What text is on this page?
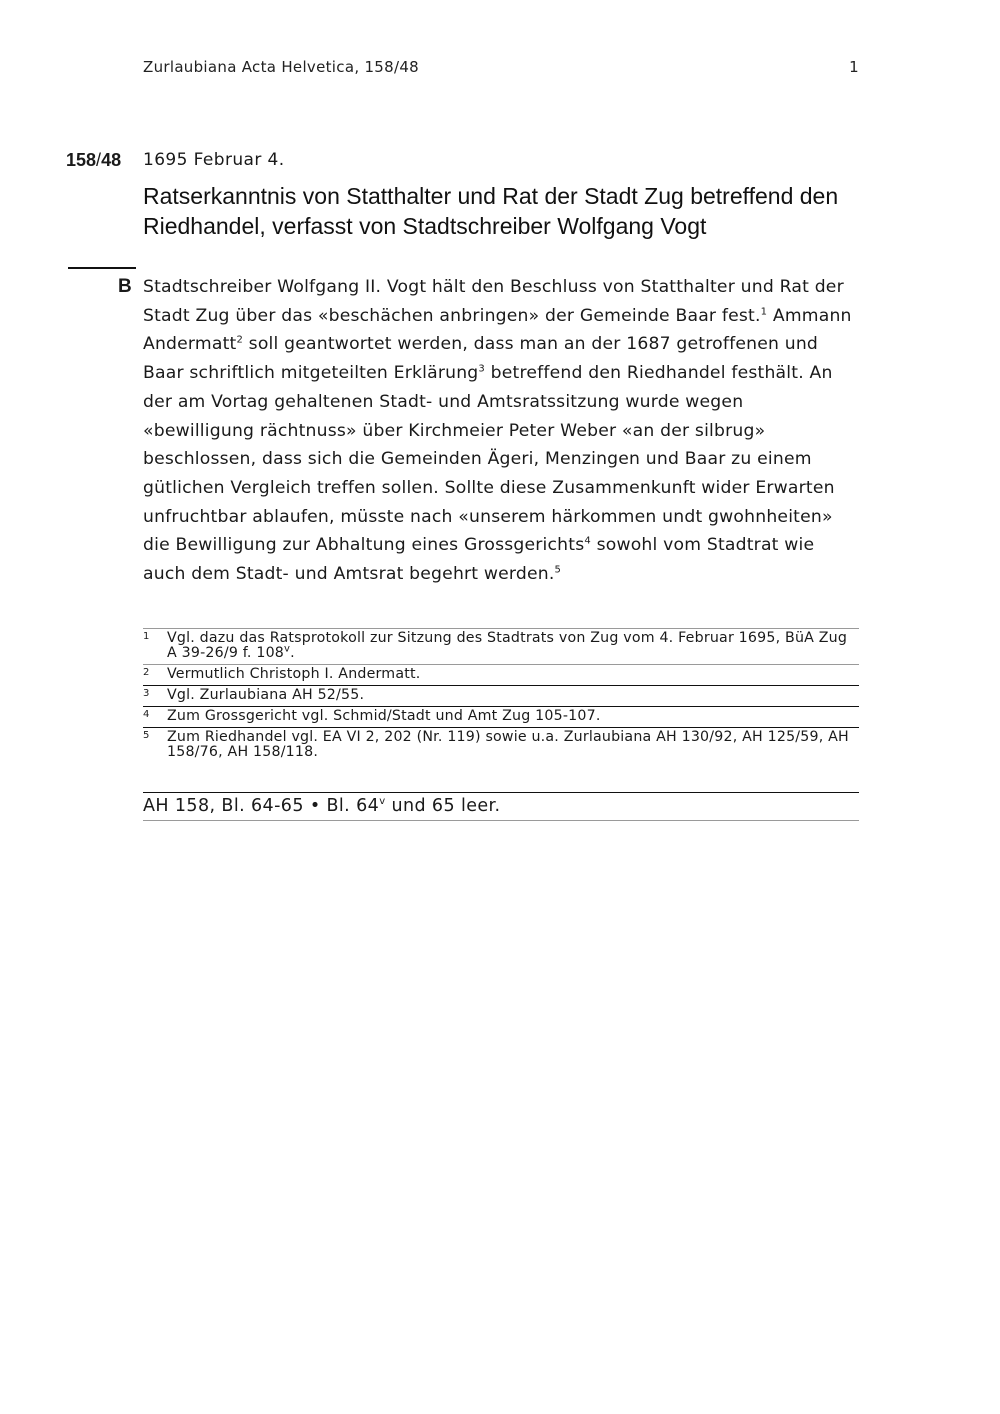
Zurlaubiana Acta Helvetica, 158/48	1
158/48 1695 Februar 4.
Ratserkanntnis von Statthalter und Rat der Stadt Zug betreffend den Riedhandel, verfasst von Stadtschreiber Wolfgang Vogt
B Stadtschreiber Wolfgang II. Vogt hält den Beschluss von Statthalter und Rat der Stadt Zug über das «beschächen anbringen» der Gemeinde Baar fest.$^1$ Ammann Andermatt$^2$ soll geantwortet werden, dass man an der 1687 getroffenen und Baar schriftlich mitgeteilten Erklärung$^3$ betreffend den Riedhandel festhält. An der am Vortag gehaltenen Stadt- und Amtsratssitzung wurde wegen «bewilligung rächtnuss» über Kirchmeier Peter Weber «an der silbrug» beschlossen, dass sich die Gemeinden Ägeri, Menzingen und Baar zu einem gütlichen Vergleich treffen sollen. Sollte diese Zusammenkunft wider Erwarten unfruchtbar ablaufen, müsste nach «unserem härkommen undt gwohnheiten» die Bewilligung zur Abhaltung eines Grossgerichts$^4$ sowohl vom Stadtrat wie auch dem Stadt- und Amtsrat begehrt werden.$^5$

1 Vgl. dazu das Ratsprotokoll zur Sitzung des Stadtrats von Zug vom 4. Februar 1695, BüA Zug A 39-26/9 f. 108$^v$.
2 Vermutlich Christoph I. Andermatt.
3 Vgl. Zurlaubiana AH 52/55.
4 Zum Grossgericht vgl. Schmid/Stadt und Amt Zug 105-107.
5 Zum Riedhandel vgl. EA VI 2, 202 (Nr. 119) sowie u.a. Zurlaubiana AH 130/92, AH 125/59, AH 158/76, AH 158/118.
AH 158, Bl. 64-65 • Bl. 64$^v$ und 65 leer.
